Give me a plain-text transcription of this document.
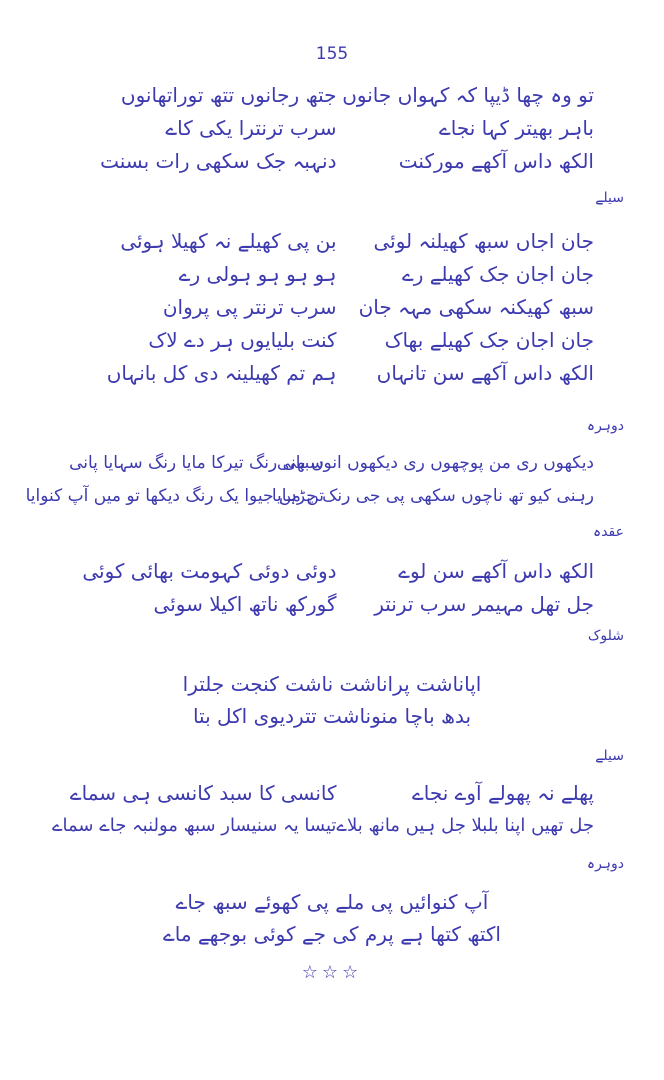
155
تو وہ چھا ڈیپا کہ کہواں جانوں
جتھ رجانوں تتھ توراتھانوں
باہر بھیتر کہا نجاے
سرب ترنترا یکی کاے
الکھ داس آکھے مورکنت
دنہبہ جک سکھی رات بسنت
سیلے
جان اجاں سبھ کھیلنہ لوئی
بن پی کھیلے نہ کھیلا ہوئی
جان اجان جک کھیلے رے
ہو ہو ہو ہولی رے
سبھ کھیکنہ سکھی مہہ جان
سرب ترنتر پی پروان
جان اجان جک کھیلے بھاک
کنت بلیایوں ہر دے لاک
الکھ داس آکھے سن تانہاں
ہم تم کھیلینہ دی کل بانہاں
دوہرہ
دیکھوں ری من پوچھوں ری دیکھوں انوں بانی
سبھی رنگ تیرکا مایا رنگ سہایا پانی
رہنی کیو تھ ناچوں سکھی پی جی رنک چڑہایا
تن من جیوا یک رنگ دیکھا تو میں آپ کنوایا
عقدہ
الکھ داس آکھے سن لوے
دوئی دوئی کہومت بھائی کوئی
جل تھل مہیمر سرب ترنتر
گورکھ ناتھ اکیلا سوئی
شلوک
اپاناشت پراناشت ناشت کنجت جلترا
بدھ باچا منوناشت تتردیوی اکل بتا
سیلے
پھلے نہ پھولے آوے نجاے
کانسی کا سبد کانسی ہی سماے
جل تھیں اپنا بلبلا جل ہیں مانھ بلاے
تیسا یہ سنیسار سبھ مولنبہ جاے سماے
دوہرہ
آپ کنوائیں پی ملے پی کھوئے سبھ جاے
اکتھ کتھا ہے پرم کی جے کوئی بوجھے ماے
☆☆☆
